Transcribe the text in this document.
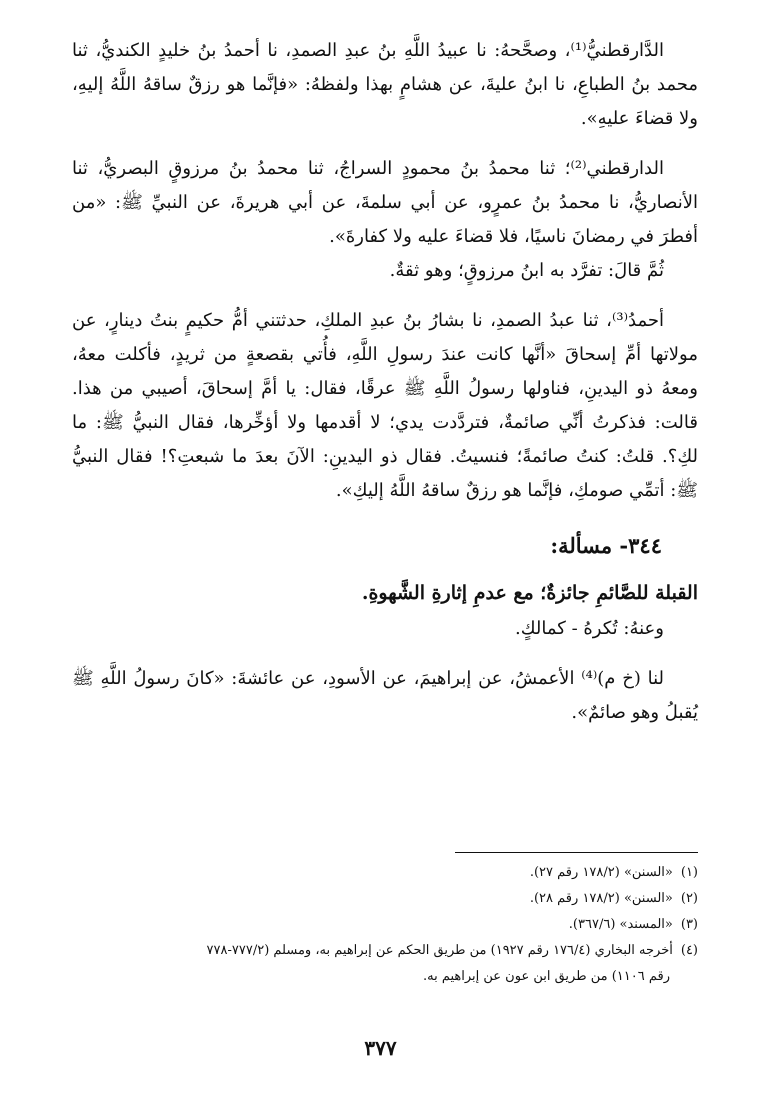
الدَّارقطنيُّ⁽¹⁾، وصحَّحهُ: نا عبيدُ اللَّهِ بنُ عبدِ الصمدِ، نا أحمدُ بنُ خليدٍ الكنديُّ، ثنا محمد بنُ الطباعِ، نا ابنُ عليةَ، عن هشامٍ بهذا ولفظهُ: «فإنَّما هو رزقٌ ساقهُ اللَّهُ إليهِ، ولا قضاءَ عليهِ».

الدارقطني⁽²⁾؛ ثنا محمدُ بنُ محمودٍ السراجُ، ثنا محمدُ بنُ مرزوقٍ البصريُّ، ثنا الأنصاريُّ، نا محمدُ بنُ عمرٍو، عن أبي سلمةَ، عن أبي هريرةَ، عن النبيِّ ﷺ: «من أفطرَ في رمضانَ ناسيًا، فلا قضاءَ عليه ولا كفارةَ».

ثُمَّ قالَ: تفرَّد به ابنُ مرزوقٍ؛ وهو ثقةٌ.

أحمدُ⁽³⁾، ثنا عبدُ الصمدِ، نا بشارُ بنُ عبدِ الملكِ، حدثتني أمُّ حكيمٍ بنتُ دينارٍ، عن مولاتها أمِّ إسحاقَ «أنَّها كانت عندَ رسولِ اللَّهِ، فأُتي بقصعةٍ من ثريدٍ، فأكلت معهُ، ومعهُ ذو اليدينِ، فناولها رسولُ اللَّهِ ﷺ عرقًا، فقال: يا أمَّ إسحاقَ، أصيبي من هذا. قالت: فذكرتُ أنِّي صائمةٌ، فتردَّدت يدي؛ لا أقدمها ولا أؤخِّرها، فقال النبيُّ ﷺ: ما لكِ؟. قلتُ: كنتُ صائمةً؛ فنسيتُ. فقال ذو اليدينِ: الآنَ بعدَ ما شبعتِ؟! فقال النبيُّ ﷺ: أتمِّي صومكِ، فإنَّما هو رزقٌ ساقهُ اللَّهُ إليكِ».

٣٤٤- مسألة:

القبلة للصَّائمِ جائزةٌ؛ مع عدمِ إثارةِ الشَّهوةِ.

وعنهُ: تُكرهُ - كمالكٍ.

لنا (خ م)⁽⁴⁾ الأعمشُ، عن إبراهيمَ، عن الأسودِ، عن عائشةَ: «كانَ رسولُ اللَّهِ ﷺ يُقبلُ وهو صائمٌ».

(١)«السنن» (١٧٨/٢ رقم ٢٧).

(٢)«السنن» (١٧٨/٢ رقم ٢٨).

(٣)«المسند» (٣٦٧/٦).

(٤)أخرجه البخاري (١٧٦/٤ رقم ١٩٢٧) من طريق الحكم عن إبراهيم به، ومسلم (٧٧٧/٢-٧٧٨

رقم ١١٠٦) من طريق ابن عون عن إبراهيم به.

٣٧٧
